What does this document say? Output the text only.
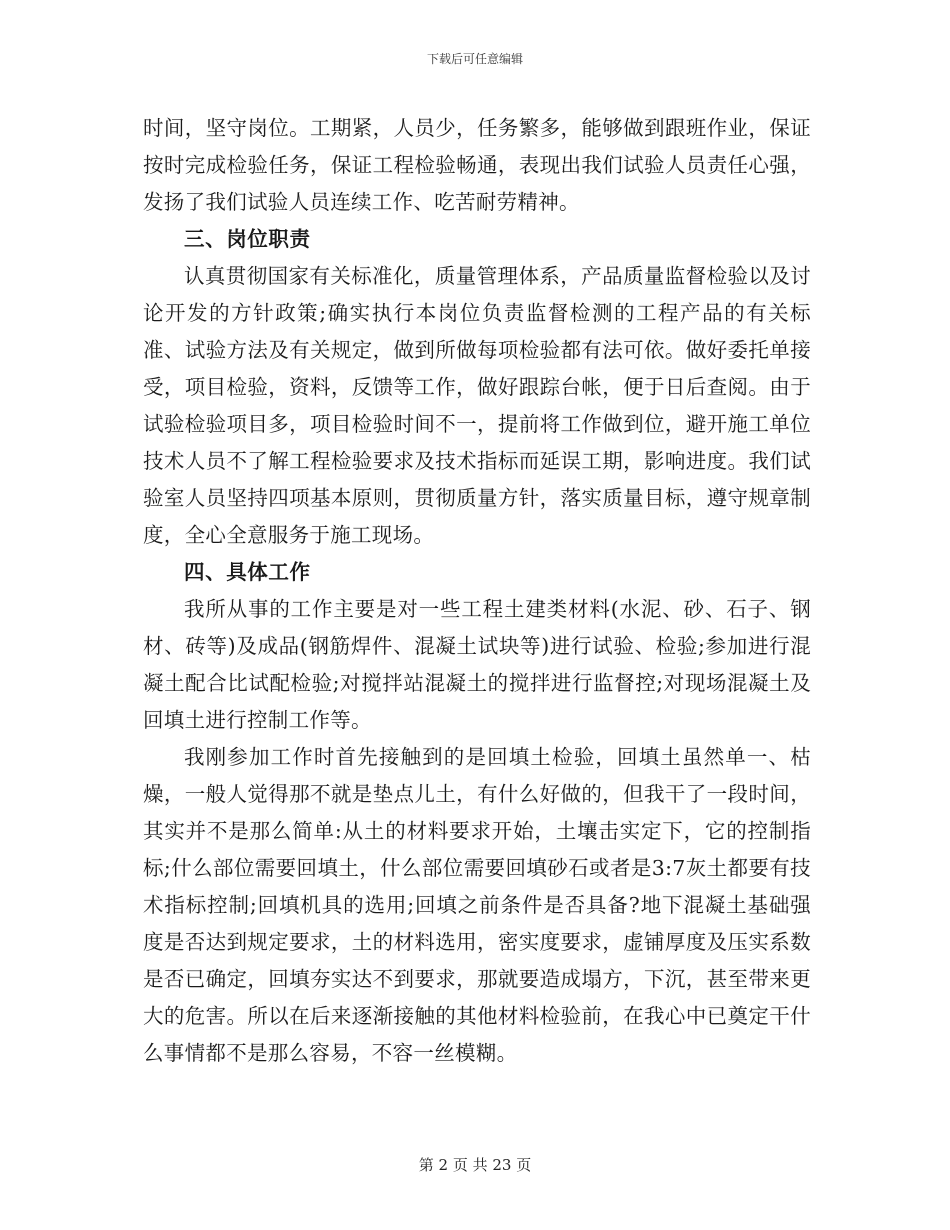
下载后可任意编辑

时间，坚守岗位。工期紧，人员少，任务繁多，能够做到跟班作业，保证按时完成检验任务，保证工程检验畅通，表现出我们试验人员责任心强，发扬了我们试验人员连续工作、吃苦耐劳精神。

三、岗位职责

认真贯彻国家有关标准化，质量管理体系，产品质量监督检验以及讨论开发的方针政策;确实执行本岗位负责监督检测的工程产品的有关标准、试验方法及有关规定，做到所做每项检验都有法可依。做好委托单接受，项目检验，资料，反馈等工作，做好跟踪台帐，便于日后查阅。由于试验检验项目多，项目检验时间不一，提前将工作做到位，避开施工单位技术人员不了解工程检验要求及技术指标而延误工期，影响进度。我们试验室人员坚持四项基本原则，贯彻质量方针，落实质量目标，遵守规章制度，全心全意服务于施工现场。

四、具体工作

我所从事的工作主要是对一些工程土建类材料(水泥、砂、石子、钢材、砖等)及成品(钢筋焊件、混凝土试块等)进行试验、检验;参加进行混凝土配合比试配检验;对搅拌站混凝土的搅拌进行监督控;对现场混凝土及回填土进行控制工作等。

我刚参加工作时首先接触到的是回填土检验，回填土虽然单一、枯燥，一般人觉得那不就是垫点儿土，有什么好做的，但我干了一段时间，其实并不是那么简单:从土的材料要求开始，土壤击实定下，它的控制指标;什么部位需要回填土，什么部位需要回填砂石或者是3:7灰土都要有技术指标控制;回填机具的选用;回填之前条件是否具备?地下混凝土基础强度是否达到规定要求，土的材料选用，密实度要求，虚铺厚度及压实系数是否已确定，回填夯实达不到要求，那就要造成塌方，下沉，甚至带来更大的危害。所以在后来逐渐接触的其他材料检验前，在我心中已奠定干什么事情都不是那么容易，不容一丝模糊。

第 2 页 共 23 页
